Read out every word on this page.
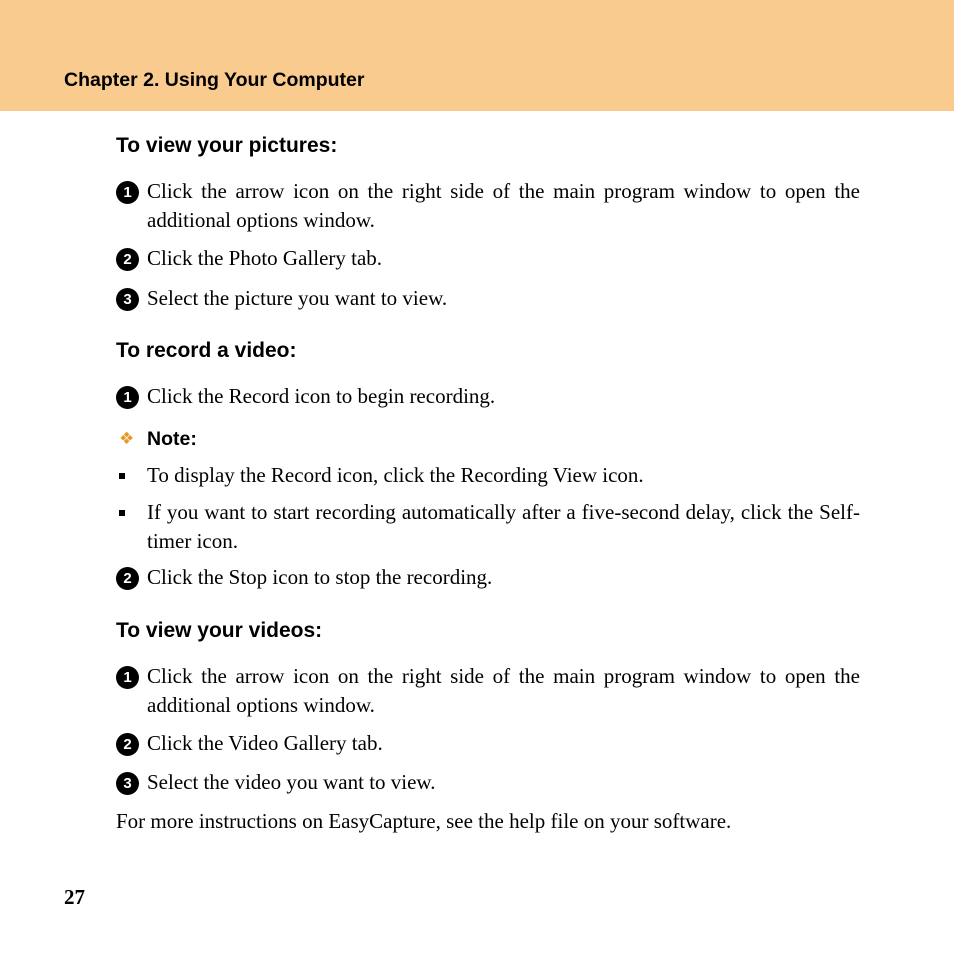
Chapter 2. Using Your Computer
To view your pictures:
1 Click the arrow icon on the right side of the main program window to open the additional options window.
2 Click the Photo Gallery tab.
3 Select the picture you want to view.
To record a video:
1 Click the Record icon to begin recording.
❖ Note:
To display the Record icon, click the Recording View icon.
If you want to start recording automatically after a five-second delay, click the Self-timer icon.
2 Click the Stop icon to stop the recording.
To view your videos:
1 Click the arrow icon on the right side of the main program window to open the additional options window.
2 Click the Video Gallery tab.
3 Select the video you want to view.
For more instructions on EasyCapture, see the help file on your software.
27
